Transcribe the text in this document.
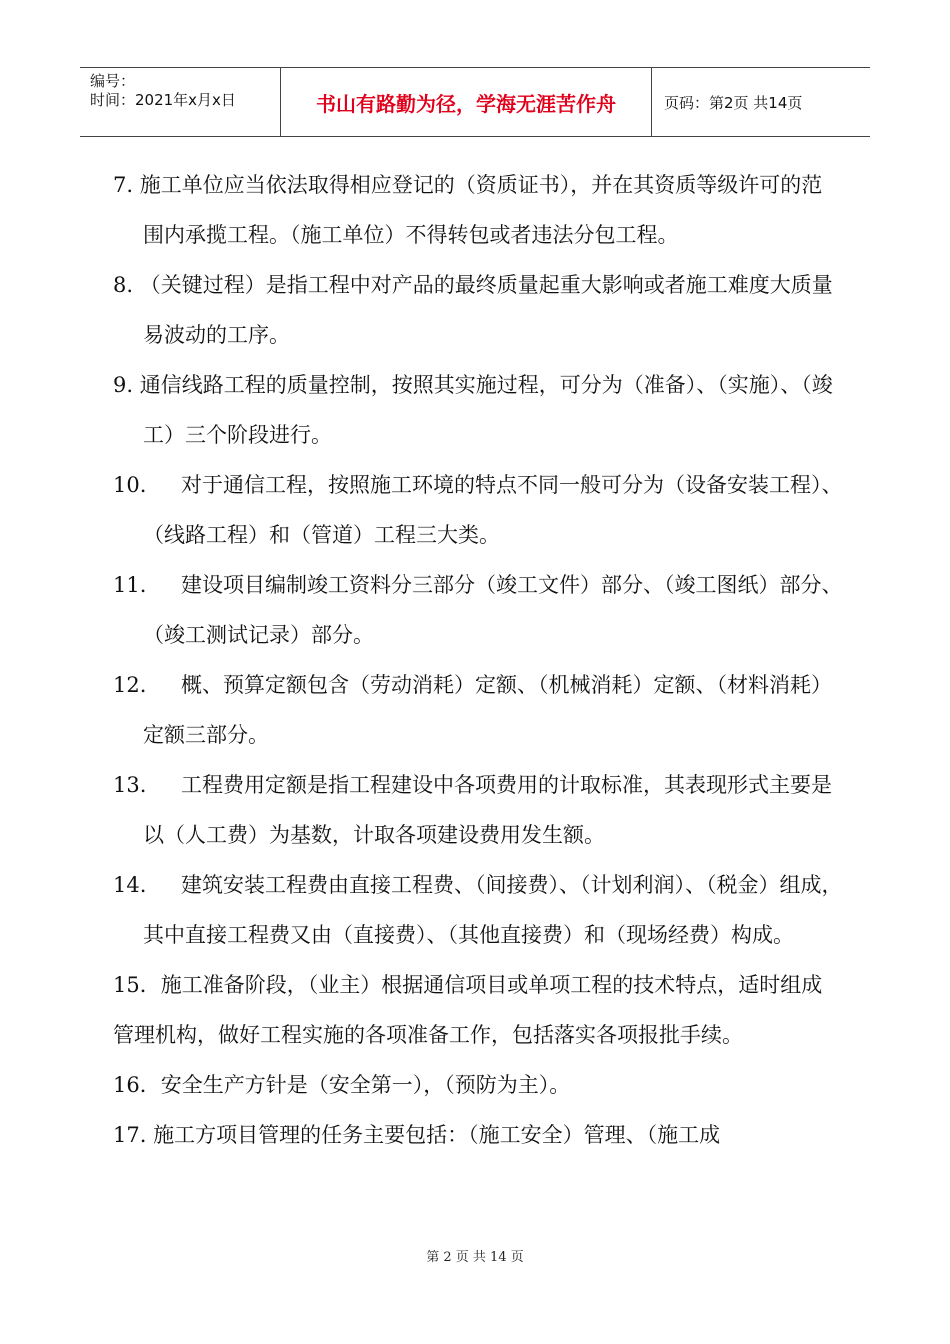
编号：
时间：2021年x月x日	书山有路勤为径，学海无涯苦作舟	页码：第2页 共14页
7. 施工单位应当依法取得相应登记的（资质证书），并在其资质等级许可的范围内承揽工程。（施工单位）不得转包或者违法分包工程。
8. （关键过程）是指工程中对产品的最终质量起重大影响或者施工难度大质量易波动的工序。
9. 通信线路工程的质量控制，按照其实施过程，可分为（准备）、（实施）、（竣工）三个阶段进行。
10. 对于通信工程，按照施工环境的特点不同一般可分为（设备安装工程）、（线路工程）和（管道）工程三大类。
11. 建设项目编制竣工资料分三部分（竣工文件）部分、（竣工图纸）部分、（竣工测试记录）部分。
12. 概、预算定额包含（劳动消耗）定额、（机械消耗）定额、（材料消耗）定额三部分。
13. 工程费用定额是指工程建设中各项费用的计取标准，其表现形式主要是以（人工费）为基数，计取各项建设费用发生额。
14. 建筑安装工程费由直接工程费、（间接费）、（计划利润）、（税金）组成，其中直接工程费又由（直接费）、（其他直接费）和（现场经费）构成。
15．施工准备阶段，（业主）根据通信项目或单项工程的技术特点，适时组成管理机构，做好工程实施的各项准备工作，包括落实各项报批手续。
16．安全生产方针是（安全第一），（预防为主）。
17. 施工方项目管理的任务主要包括：（施工安全）管理、（施工成
第 2 页 共 14 页
